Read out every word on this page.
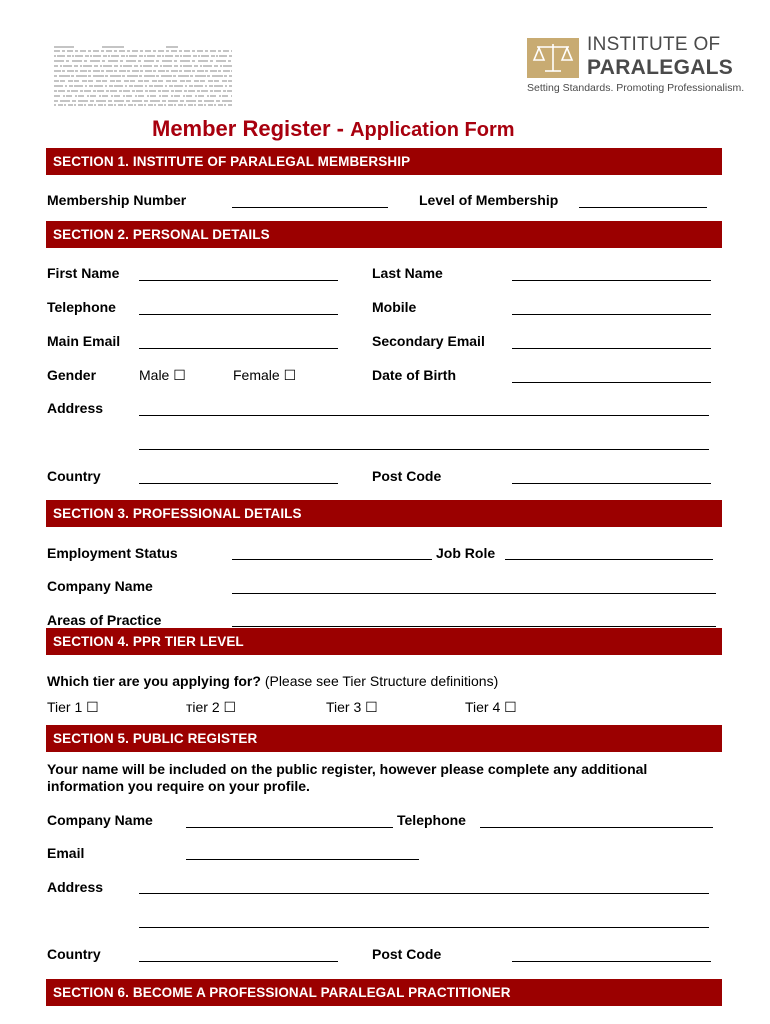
INSTITUTE OF
PARALEGALS
Setting Standards. Promoting Professionalism.
Member Register - Application Form
SECTION 1. INSTITUTE OF PARALEGAL MEMBERSHIP
Membership Number	Level of Membership
SECTION 2. PERSONAL DETAILS
First Name	Last Name
Telephone	Mobile
Main Email	Secondary Email
Gender	Male ☐	Female ☐	Date of Birth
Address
Country	Post Code
SECTION 3. PROFESSIONAL DETAILS
Employment Status	Job Role
Company Name
Areas of Practice
SECTION 4. PPR TIER LEVEL
Which tier are you applying for? (Please see Tier Structure definitions)
Tier 1 ☐	ᴛier 2 ☐	Tier 3 ☐	Tier 4 ☐
SECTION 5. PUBLIC REGISTER
Your name will be included on the public register, however please complete any additional
information you require on your profile.
Company Name	Telephone
Email
Address
Country	Post Code
SECTION 6. BECOME A PROFESSIONAL PARALEGAL PRACTITIONER
